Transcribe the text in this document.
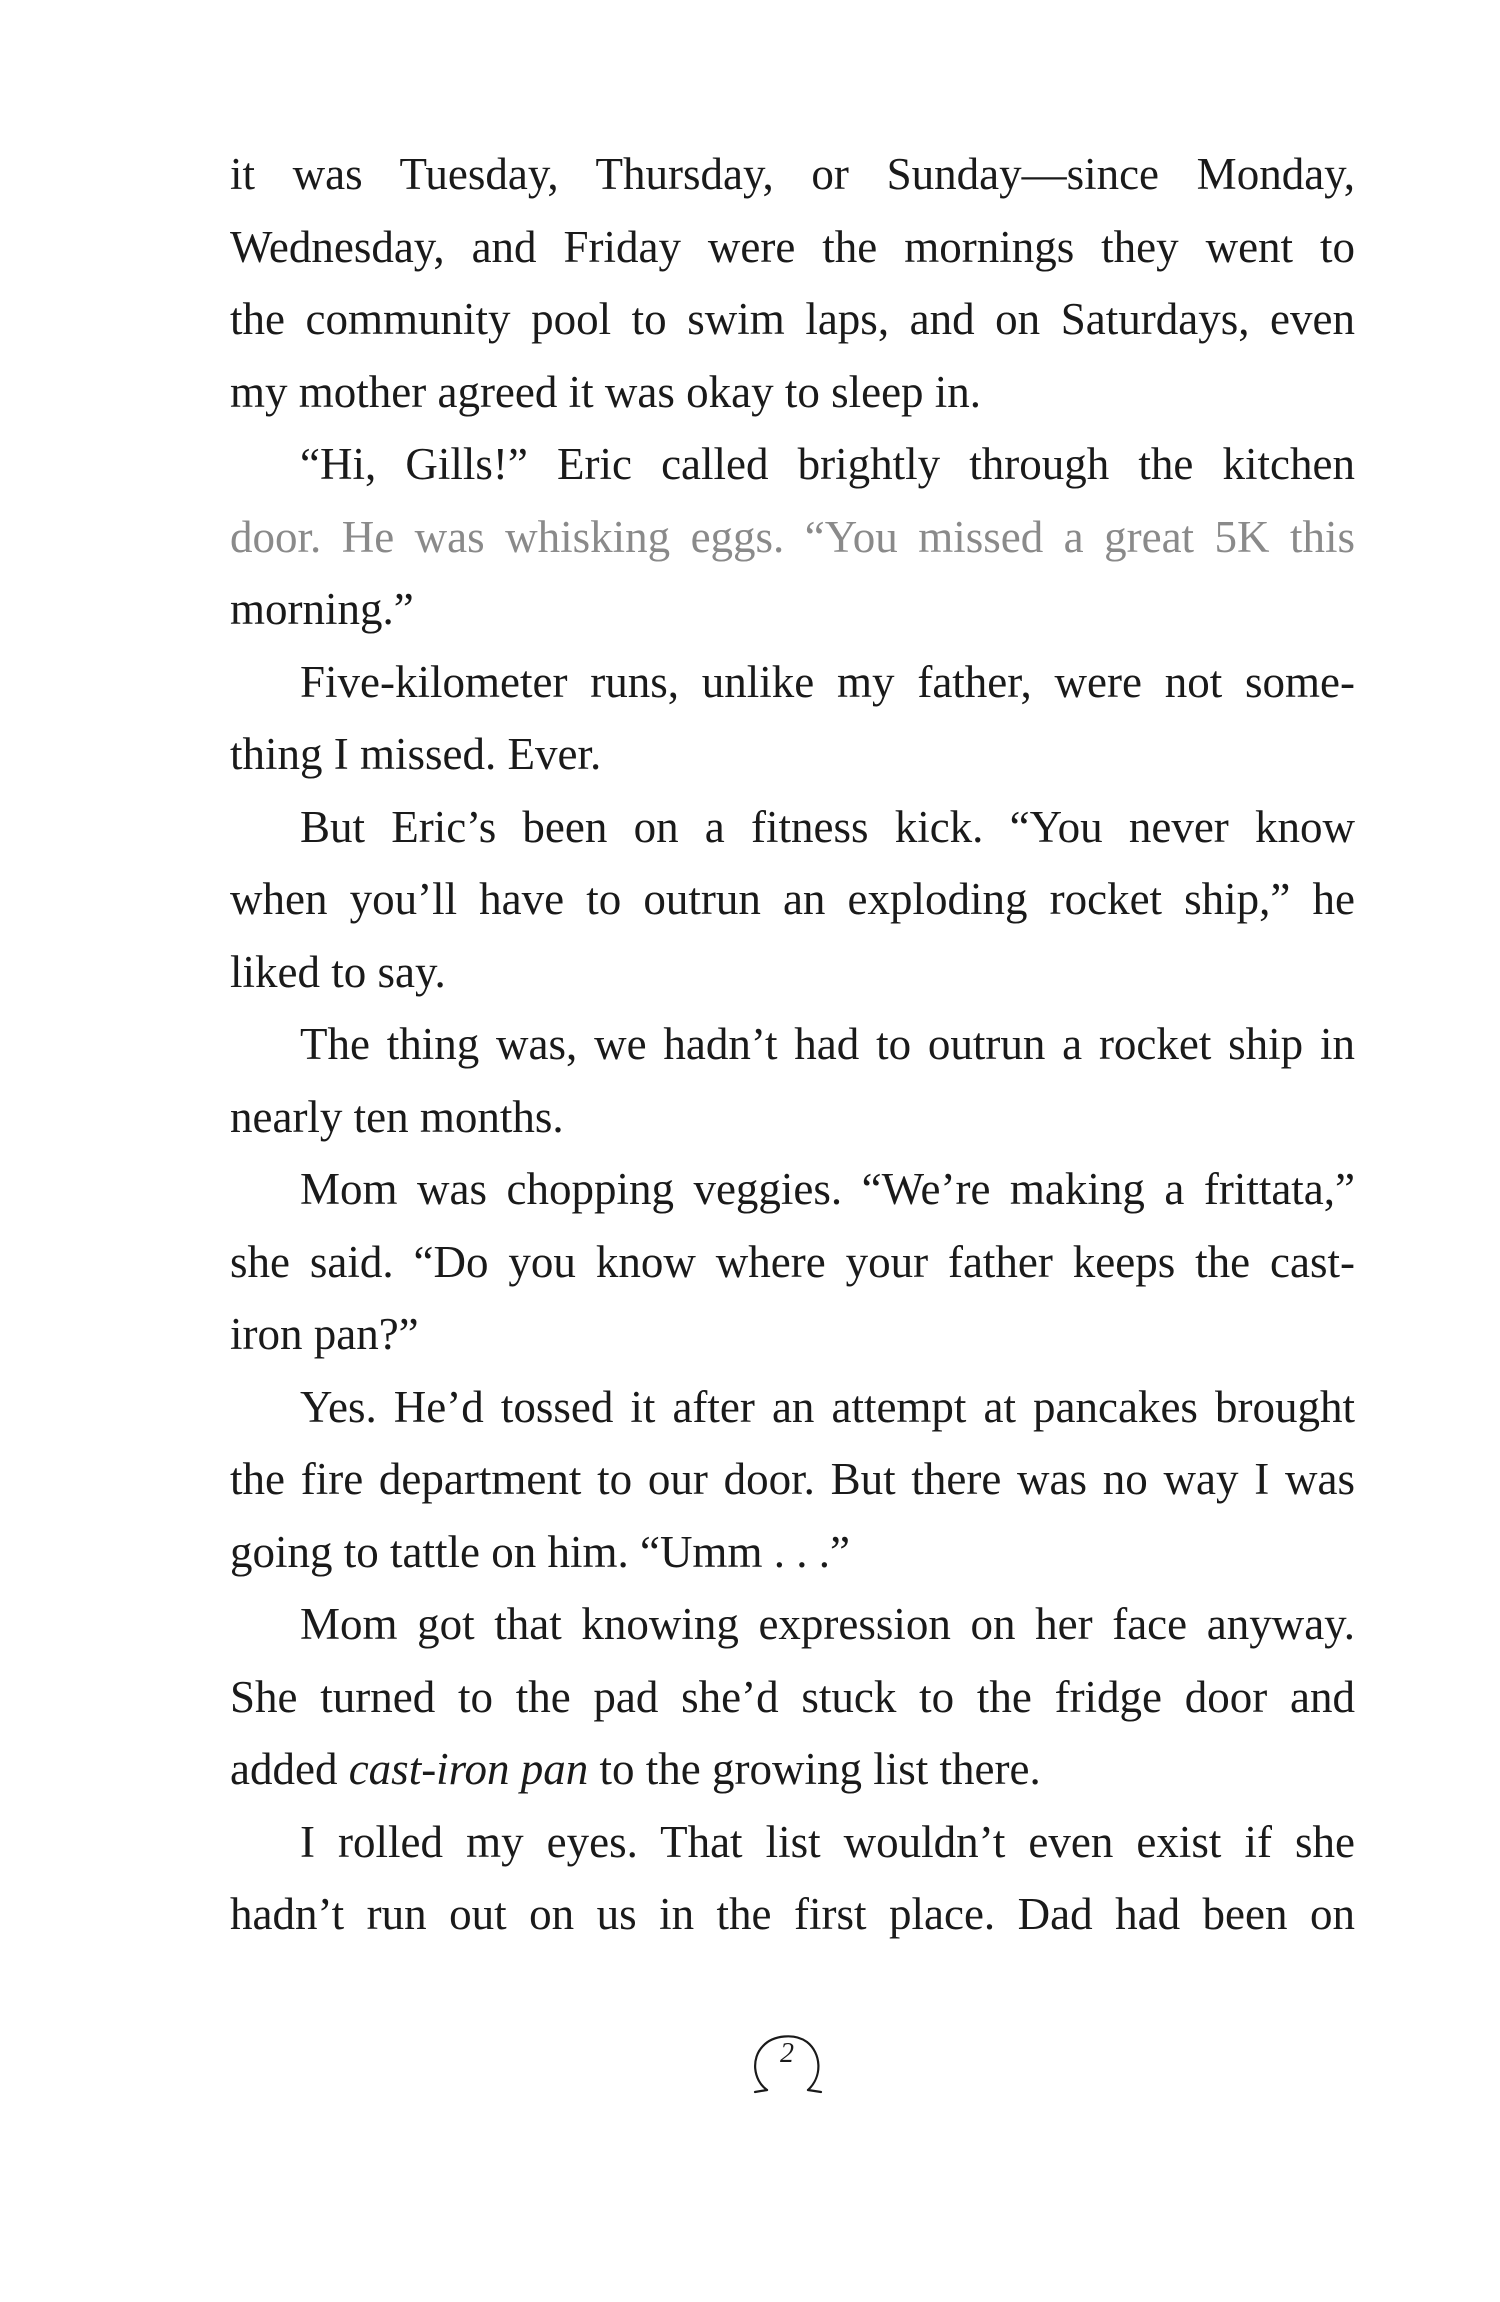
it was Tuesday, Thursday, or Sunday—since Monday,
Wednesday, and Friday were the mornings they went to
the community pool to swim laps, and on Saturdays, even
my mother agreed it was okay to sleep in.
“Hi, Gills!” Eric called brightly through the kitchen
door. He was whisking eggs. “You missed a great 5K this
morning.”
Five-kilometer runs, unlike my father, were not some-
thing I missed. Ever.
But Eric’s been on a fitness kick. “You never know
when you’ll have to outrun an exploding rocket ship,” he
liked to say.
The thing was, we hadn’t had to outrun a rocket ship in
nearly ten months.
Mom was chopping veggies. “We’re making a frittata,”
she said. “Do you know where your father keeps the cast-
iron pan?”
Yes. He’d tossed it after an attempt at pancakes brought
the fire department to our door. But there was no way I was
going to tattle on him. “Umm . . .”
Mom got that knowing expression on her face anyway.
She turned to the pad she’d stuck to the fridge door and
added cast-iron pan to the growing list there.
I rolled my eyes. That list wouldn’t even exist if she
hadn’t run out on us in the first place. Dad had been on
2
